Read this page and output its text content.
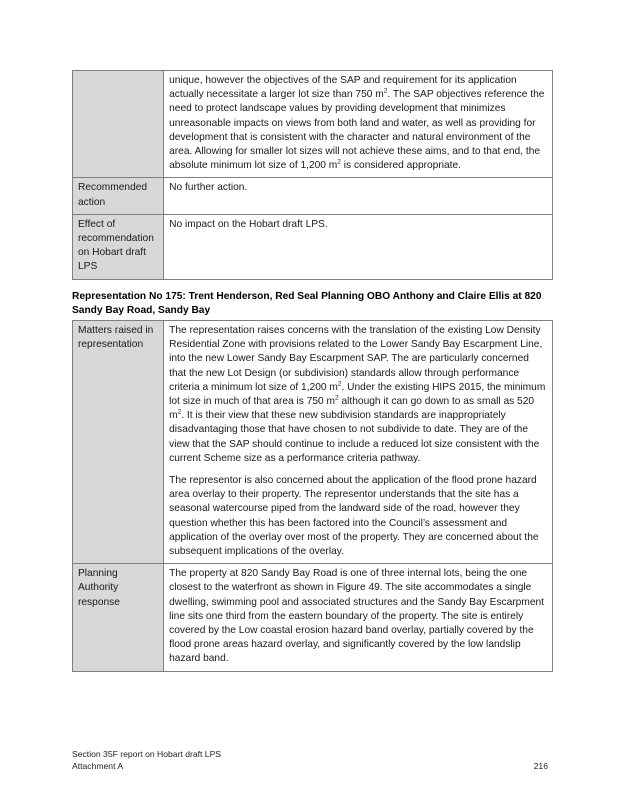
	unique, however the objectives of the SAP and requirement for its application actually necessitate a larger lot size than 750 $m^2$. The SAP objectives reference the need to protect landscape values by providing development that minimizes unreasonable impacts on views from both land and water, as well as providing for development that is consistent with the character and natural environment of the area. Allowing for smaller lot sizes will not achieve these aims, and to that end, the absolute minimum lot size of 1,200 $m^2$ is considered appropriate.
Recommended action	No further action.
Effect of recommendation on Hobart draft LPS	No impact on the Hobart draft LPS.
Representation No 175: Trent Henderson, Red Seal Planning OBO Anthony and Claire Ellis at 820 Sandy Bay Road, Sandy Bay
Matters raised in representation	The representation raises concerns with the translation of the existing Low Density Residential Zone with provisions related to the Lower Sandy Bay Escarpment Line, into the new Lower Sandy Bay Escarpment SAP. The are particularly concerned that the new Lot Design (or subdivision) standards allow through performance criteria a minimum lot size of 1,200 $m^2$. Under the existing HIPS 2015, the minimum lot size in much of that area is 750 $m^2$ although it can go down to as small as 520 $m^2$. It is their view that these new subdivision standards are inappropriately disadvantaging those that have chosen to not subdivide to date. They are of the view that the SAP should continue to include a reduced lot size consistent with the current Scheme size as a performance criteria pathway.

The representor is also concerned about the application of the flood prone hazard area overlay to their property. The representor understands that the site has a seasonal watercourse piped from the landward side of the road, however they question whether this has been factored into the Council’s assessment and application of the overlay over most of the property. They are concerned about the subsequent implications of the overlay.

Planning Authority response	The property at 820 Sandy Bay Road is one of three internal lots, being the one closest to the waterfront as shown in Figure 49. The site accommodates a single dwelling, swimming pool and associated structures and the Sandy Bay Escarpment line sits one third from the eastern boundary of the property. The site is entirely covered by the Low coastal erosion hazard band overlay, partially covered by the flood prone areas hazard overlay, and significantly covered by the low landslip hazard band.
Section 35F report on Hobart draft LPS
Attachment A	216
